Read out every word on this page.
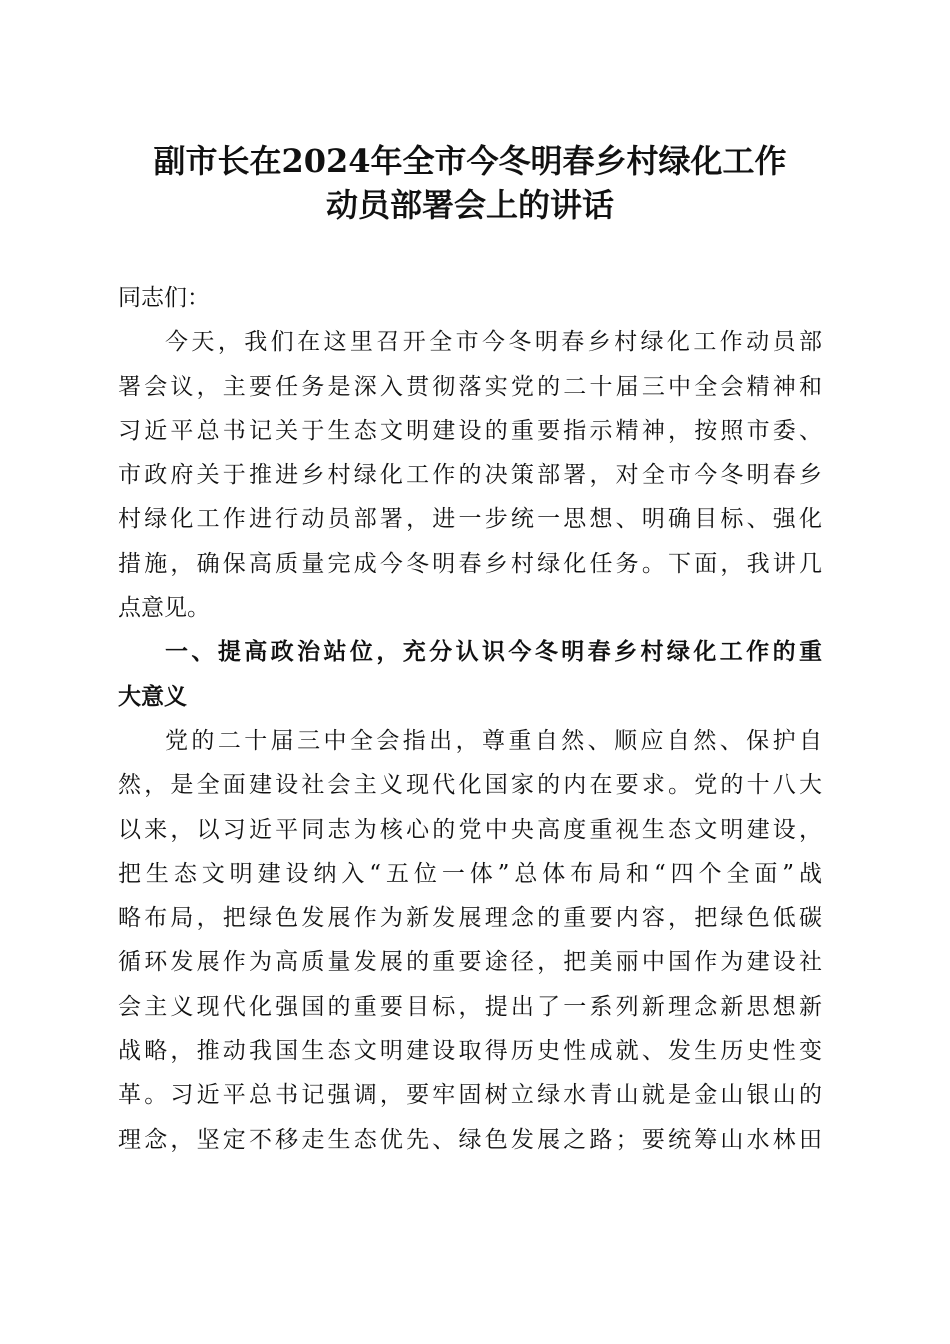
副市长在2024年全市今冬明春乡村绿化工作
动员部署会上的讲话
同志们：
今天，我们在这里召开全市今冬明春乡村绿化工作动员部
署会议，主要任务是深入贯彻落实党的二十届三中全会精神和
习近平总书记关于生态文明建设的重要指示精神，按照市委、
市政府关于推进乡村绿化工作的决策部署，对全市今冬明春乡
村绿化工作进行动员部署，进一步统一思想、明确目标、强化
措施，确保高质量完成今冬明春乡村绿化任务。下面，我讲几
点意见。
一、提高政治站位，充分认识今冬明春乡村绿化工作的重
大意义
党的二十届三中全会指出，尊重自然、顺应自然、保护自
然，是全面建设社会主义现代化国家的内在要求。党的十八大
以来，以习近平同志为核心的党中央高度重视生态文明建设，
把生态文明建设纳入“五位一体”总体布局和“四个全面”战
略布局，把绿色发展作为新发展理念的重要内容，把绿色低碳
循环发展作为高质量发展的重要途径，把美丽中国作为建设社
会主义现代化强国的重要目标，提出了一系列新理念新思想新
战略，推动我国生态文明建设取得历史性成就、发生历史性变
革。习近平总书记强调，要牢固树立绿水青山就是金山银山的
理念，坚定不移走生态优先、绿色发展之路；要统筹山水林田
